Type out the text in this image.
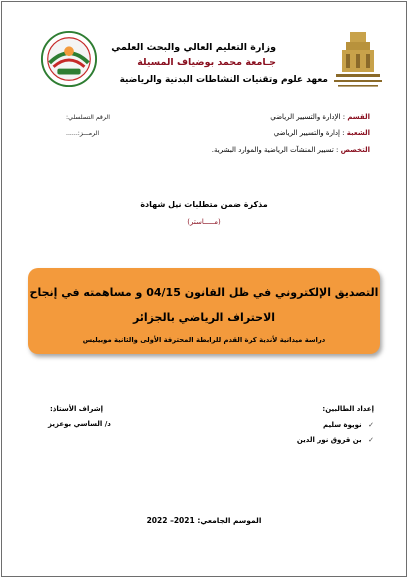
وزارة التعليم العالي والبحث العلمي
جـامعة محمد بوضياف المسيلة
معهد علوم وتقنيات النشاطات البدنية والرياضية
القسم : الإدارة والتسيير الرياضي
الشعبة : إدارة والتسيير الرياضي
التخصص : تسيير المنشآت الرياضية والموارد البشرية.
الرقم التسلسلي:
الرمـــز:......
مذكرة ضمن متطلبات نيل شهادة
(مـــــاستر)
التصديق الإلكتروني في ظل القانون 04/15 و مساهمته في إنجاح
الاحتراف الرياضي بالجزائر
دراسة ميدانية لأندية كرة القدم للرابطة المحترفة الأولى والثانية موبيليس
إعداد الطالبين:
✓ نويوة سليم
✓ بن قروق نور الدين
إشراف الأستاذ:
د/ الساسي بوعزيز
الموسم الجامعي: 2021– 2022
